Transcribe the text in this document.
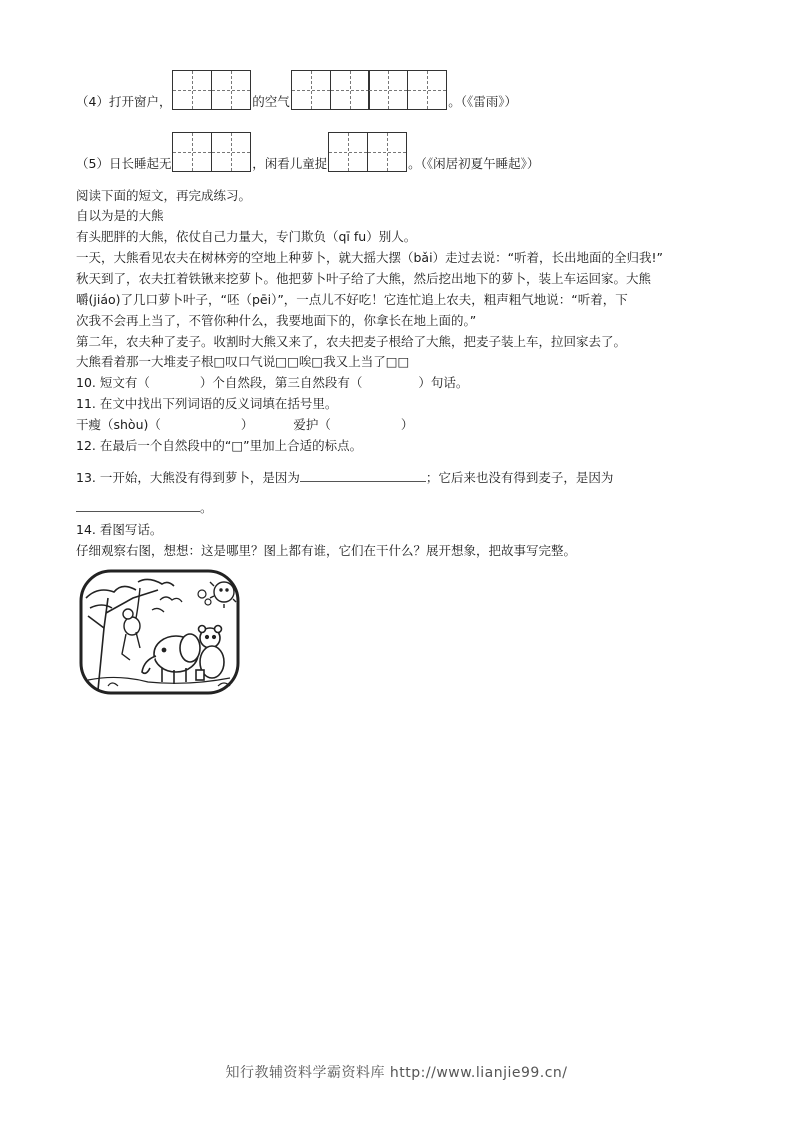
（4）打开窗户，	的空气	。（《雷雨》）
（5）日长睡起无	，闲看儿童捉	。（《闲居初夏午睡起》）
阅读下面的短文，再完成练习。
自以为是的大熊
有头肥胖的大熊，依仗自己力量大，专门欺负（qī fu）别人。
一天，大熊看见农夫在树林旁的空地上种萝卜，就大摇大摆（bǎi）走过去说：“听着，长出地面的全归我!”
秋天到了，农夫扛着铁锹来挖萝卜。他把萝卜叶子给了大熊，然后挖出地下的萝卜，装上车运回家。大熊
嚼(jiáo)了几口萝卜叶子，“呸（pēi）”，一点儿不好吃！它连忙追上农夫，粗声粗气地说：“听着，下
次我不会再上当了，不管你种什么，我要地面下的，你拿长在地上面的。”
第二年，农夫种了麦子。收割时大熊又来了，农夫把麦子根给了大熊，把麦子装上车，拉回家去了。
大熊看着那一大堆麦子根□叹口气说□□唉□我又上当了□□
10. 短文有（	）个自然段，第三自然段有（	）句话。
11. 在文中找出下列词语的反义词填在括号里。
干瘦（shòu)（	）	爱护（	）
12. 在最后一个自然段中的“□”里加上合适的标点。
13. 一开始，大熊没有得到萝卜，是因为	；它后来也没有得到麦子，是因为
。
14. 看图写话。
仔细观察右图，想想：这是哪里？图上都有谁，它们在干什么？展开想象，把故事写完整。
知行教辅资料学霸资料库 http://www.lianjie99.cn/
